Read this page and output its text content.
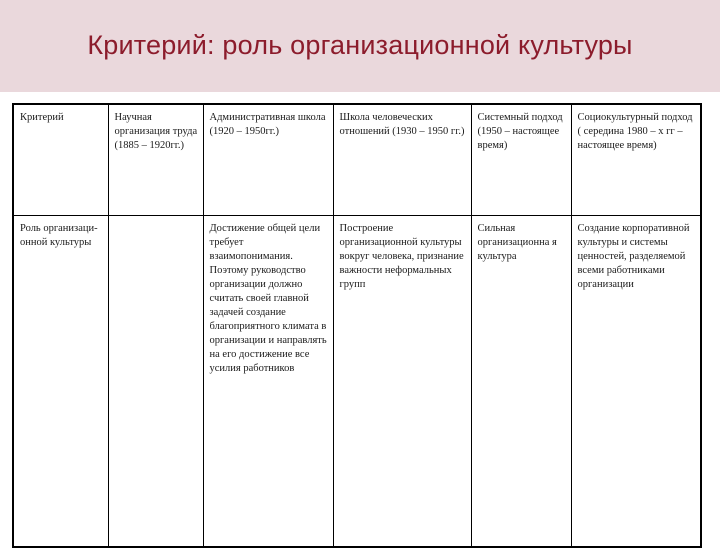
Критерий: роль организационной культуры
Критерий	Научная организация труда (1885 – 1920гг.)	Административная школа (1920 – 1950гг.)	Школа человеческих отношений (1930 – 1950 гг.)	Системный подход (1950 – настоящее время)	Социокультурный подход ( середина 1980 – х гг – настоящее время)
Роль организаци-онной культуры		Достижение общей цели требует взаимопонимания. Поэтому руководство организации должно считать своей главной задачей создание благоприятного климата в организации и направлять на его достижение все усилия работников	Построение организационной культуры вокруг человека, признание важности неформальных групп	Сильная организационна я культура	Создание корпоративной культуры и системы ценностей, разделяемой всеми работниками организации
